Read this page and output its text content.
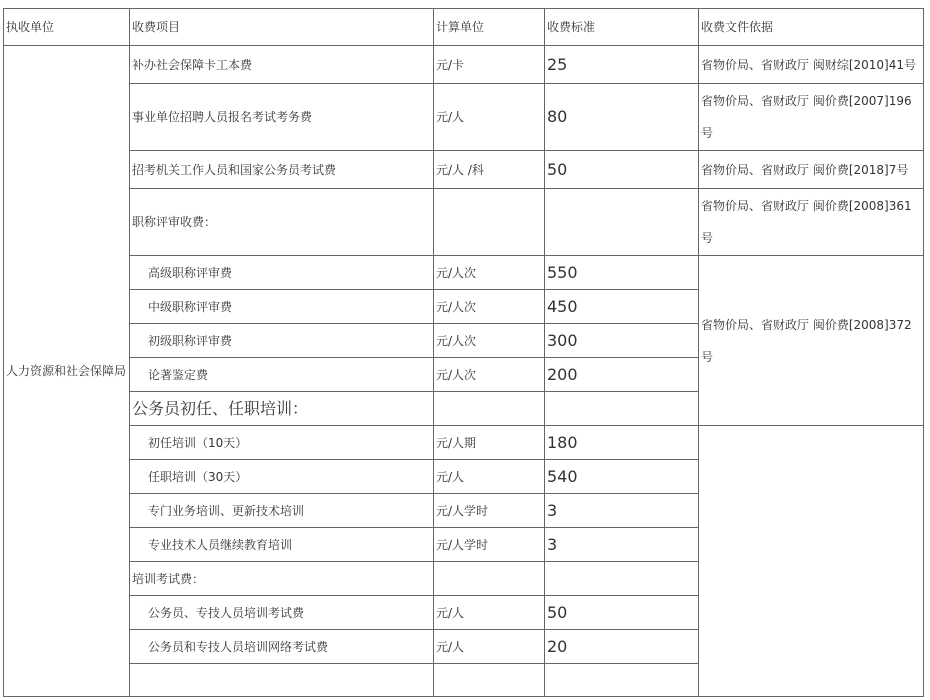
执收单位	收费项目	计算单位	收费标准	收费文件依据
人力资源和社会保障局	补办社会保障卡工本费	元/卡	25	省物价局、省财政厅 闽财综[2010]41号
	事业单位招聘人员报名考试考务费	元/人	80	省物价局、省财政厅 闽价费[2007]196号
	招考机关工作人员和国家公务员考试费	元/人 /科	50	省物价局、省财政厅 闽价费[2018]7号
	职称评审收费：			省物价局、省财政厅 闽价费[2008]361号
	高级职称评审费	元/人次	550	省物价局、省财政厅 闽价费[2008]372号
	中级职称评审费	元/人次	450	
	初级职称评审费	元/人次	300	
	论著鉴定费	元/人次	200	
	公务员初任、任职培训：			
	初任培训（10天）	元/人期	180	
	任职培训（30天）	元/人	540	
	专门业务培训、更新技术培训	元/人学时	3	
	专业技术人员继续教育培训	元/人学时	3	
	培训考试费：			
	公务员、专技人员培训考试费	元/人	50	
	公务员和专技人员培训网络考试费	元/人	20	
